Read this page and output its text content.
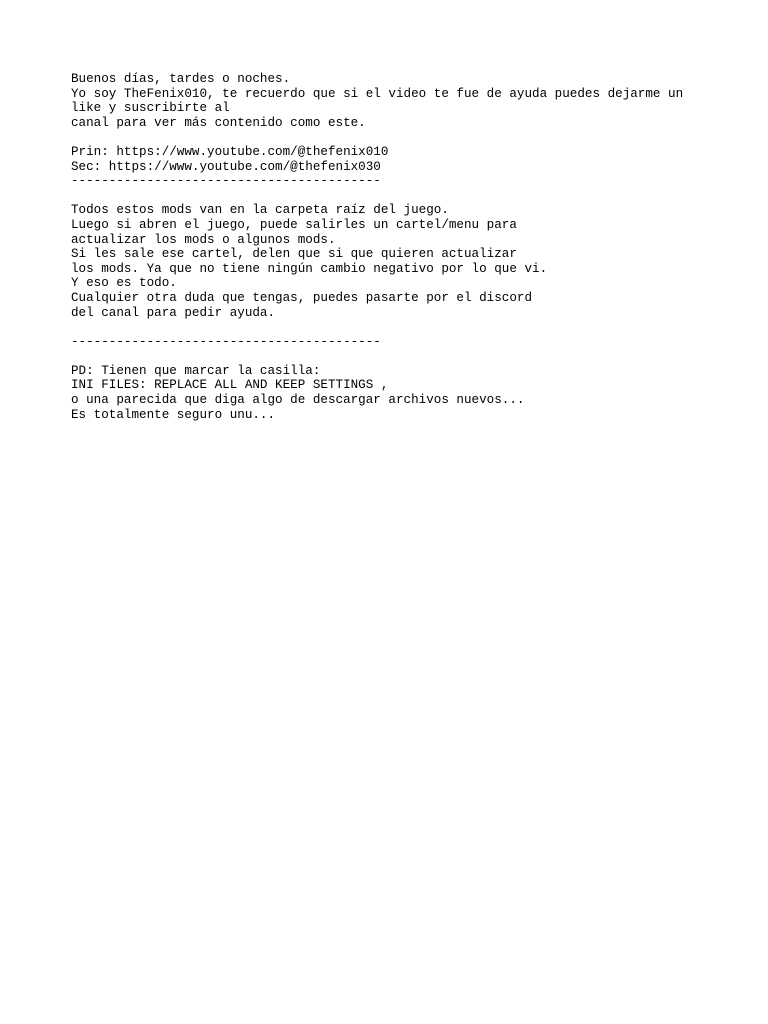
Buenos días, tardes o noches.
Yo soy TheFenix010, te recuerdo que si el video te fue de ayuda puedes dejarme un
like y suscribirte al
canal para ver más contenido como este.
Prin: https://www.youtube.com/@thefenix010
Sec: https://www.youtube.com/@thefenix030
-----------------------------------------
Todos estos mods van en la carpeta raíz del juego.
Luego si abren el juego, puede salirles un cartel/menu para
actualizar los mods o algunos mods.
Si les sale ese cartel, delen que si que quieren actualizar
los mods. Ya que no tiene ningún cambio negativo por lo que vi.
Y eso es todo.
Cualquier otra duda que tengas, puedes pasarte por el discord
del canal para pedir ayuda.
-----------------------------------------
PD: Tienen que marcar la casilla:
INI FILES: REPLACE ALL AND KEEP SETTINGS ,
o una parecida que diga algo de descargar archivos nuevos...
Es totalmente seguro unu...
